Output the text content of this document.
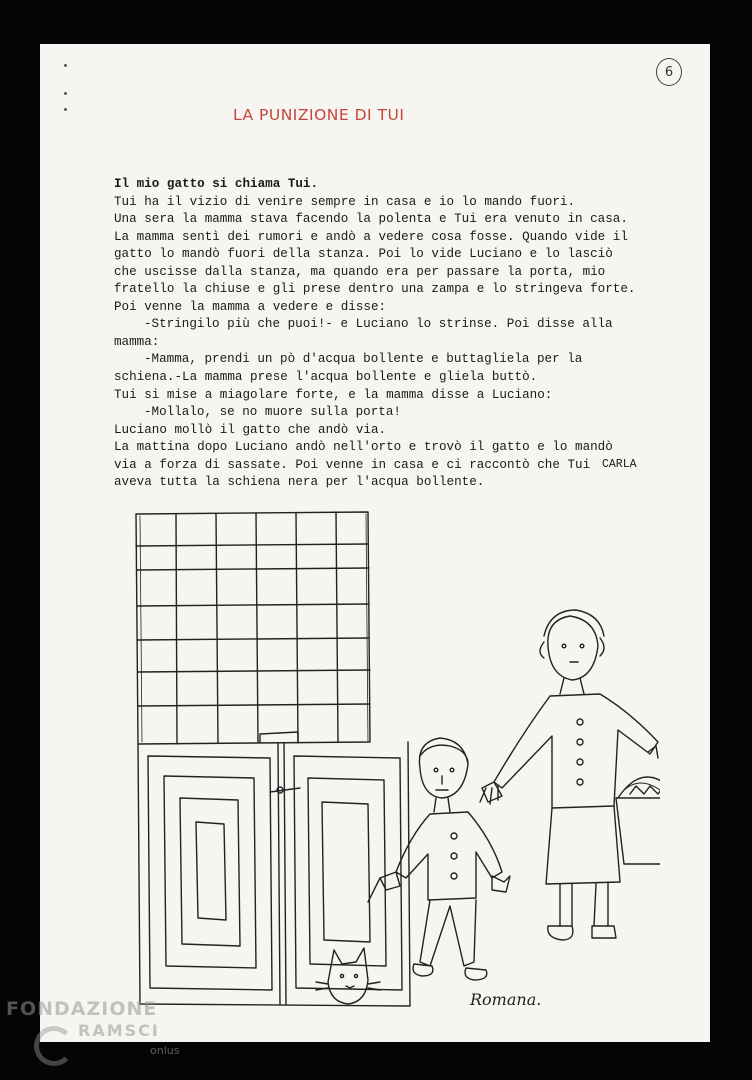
6
LA PUNIZIONE DI TUI
Il mio gatto si chiama Tui.
Tui ha il vizio di venire sempre in casa e io lo mando fuori.
Una sera la mamma stava facendo la polenta e Tui era venuto in casa.
La mamma sentì dei rumori e andò a vedere cosa fosse. Quando vide il
gatto lo mandò fuori della stanza. Poi lo vide Luciano e lo lasciò
che uscisse dalla stanza, ma quando era per passare la porta, mio
fratello la chiuse e gli prese dentro una zampa e lo stringeva forte.
Poi venne la mamma a vedere e disse:
-Stringilo più che puoi!- e Luciano lo strinse. Poi disse alla
mamma:
-Mamma, prendi un pò d'acqua bollente e buttagliela per la
schiena.-La mamma prese l'acqua bollente e gliela buttò.
Tui si mise a miagolare forte, e la mamma disse a Luciano:
-Mollalo, se no muore sulla porta!
Luciano mollò il gatto che andò via.
La mattina dopo Luciano andò nell'orto e trovò il gatto e lo mandò
via a forza di sassate. Poi venne in casa e ci raccontò che Tui
aveva tutta la schiena nera per l'acqua bollente.
CARLA
Romana.
FONDAZIONE
RAMSCI
onlus
